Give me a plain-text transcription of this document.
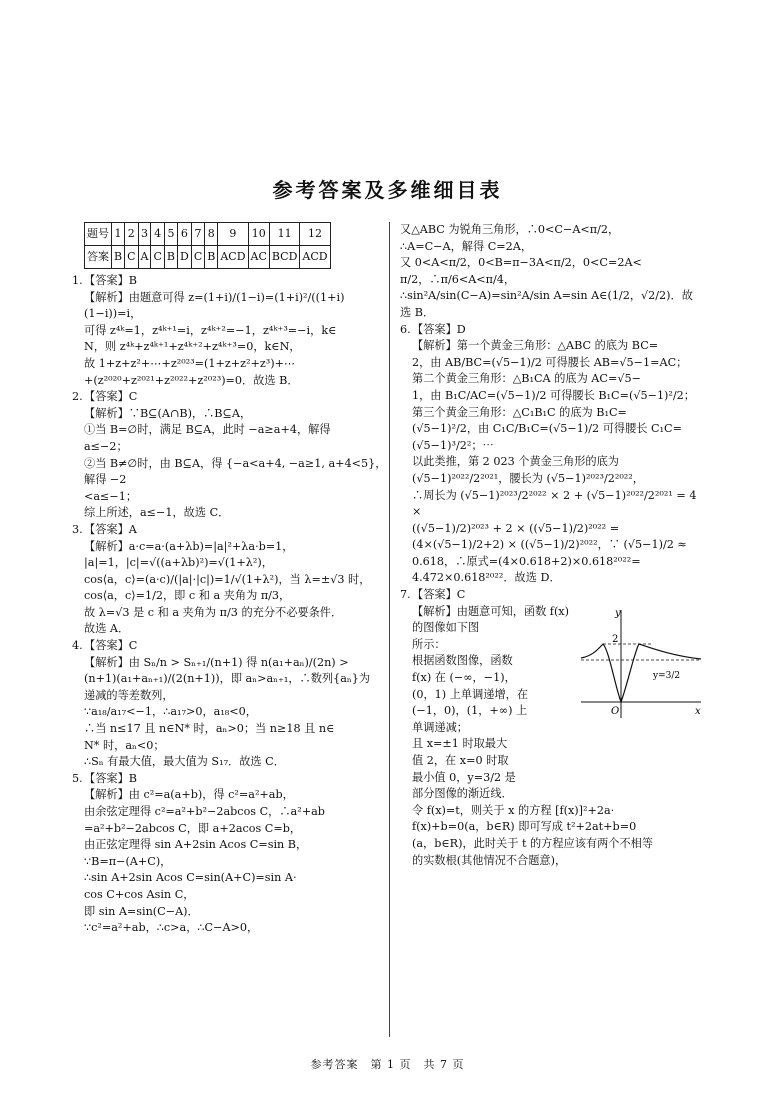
参考答案及多维细目表
题号	1	2	3	4	5	6	7	8	9	10	11	12
答案	B	C	A	C	B	D	C	B	ACD	AC	BCD	ACD
1.【答案】B

【解析】由题意可得 z=(1+i)/(1−i)=(1+i)²/((1+i)(1−i))=i，

可得 z⁴ᵏ=1，z⁴ᵏ⁺¹=i，z⁴ᵏ⁺²=−1，z⁴ᵏ⁺³=−i，k∈

N，则 z⁴ᵏ+z⁴ᵏ⁺¹+z⁴ᵏ⁺²+z⁴ᵏ⁺³=0，k∈N，

故 1+z+z²+⋯+z²⁰²³=(1+z+z²+z³)+⋯

+(z²⁰²⁰+z²⁰²¹+z²⁰²²+z²⁰²³)=0．故选 B．

2.【答案】C

【解析】∵B⊆(A∩B)，∴B⊆A，

①当 B=∅时，满足 B⊆A，此时 −a≥a+4，解得

a≤−2；

②当 B≠∅时，由 B⊆A，得 {−a<a+4, −a≥1, a+4<5}，解得 −2

<a≤−1；

综上所述，a≤−1，故选 C．

3.【答案】A

【解析】a·c=a·(a+λb)=|a|²+λa·b=1，

|a|=1，|c|=√((a+λb)²)=√(1+λ²)，

cos⟨a，c⟩=(a·c)/(|a|·|c|)=1/√(1+λ²)，当 λ=±√3 时，

cos⟨a，c⟩=1/2，即 c 和 a 夹角为 π/3，

故 λ=√3 是 c 和 a 夹角为 π/3 的充分不必要条件．

故选 A．

4.【答案】C

【解析】由 Sₙ/n > Sₙ₊₁/(n+1) 得 n(a₁+aₙ)/(2n) >

(n+1)(a₁+aₙ₊₁)/(2(n+1))，即 aₙ>aₙ₊₁，∴数列{aₙ}为

递减的等差数列，

∵a₁₈/a₁₇<−1，∴a₁₇>0，a₁₈<0，

∴当 n≤17 且 n∈N* 时，aₙ>0；当 n≥18 且 n∈

N* 时，aₙ<0；

∴Sₙ 有最大值，最大值为 S₁₇．故选 C．

5.【答案】B

【解析】由 c²=a(a+b)，得 c²=a²+ab，

由余弦定理得 c²=a²+b²−2abcos C，∴a²+ab

=a²+b²−2abcos C，即 a+2acos C=b，

由正弦定理得 sin A+2sin Acos C=sin B，

∵B=π−(A+C)，

∴sin A+2sin Acos C=sin(A+C)=sin A·

cos C+cos Asin C，

即 sin A=sin(C−A)．

∵c²=a²+ab，∴c>a，∴C−A>0，

又△ABC 为锐角三角形，∴0<C−A<π/2，

∴A=C−A，解得 C=2A，

又 0<A<π/2，0<B=π−3A<π/2，0<C=2A<

π/2，∴π/6<A<π/4，

∴sin²A/sin(C−A)=sin²A/sin A=sin A∈(1/2，√2/2)．故

选 B．

6.【答案】D

【解析】第一个黄金三角形：△ABC 的底为 BC=

2，由 AB/BC=(√5−1)/2 可得腰长 AB=√5−1=AC；

第二个黄金三角形：△B₁CA 的底为 AC=√5−

1，由 B₁C/AC=(√5−1)/2 可得腰长 B₁C=(√5−1)²/2；

第三个黄金三角形：△C₁B₁C 的底为 B₁C=

(√5−1)²/2，由 C₁C/B₁C=(√5−1)/2 可得腰长 C₁C=

(√5−1)³/2²；⋯

以此类推，第 2 023 个黄金三角形的底为

(√5−1)²⁰²²/2²⁰²¹，腰长为 (√5−1)²⁰²³/2²⁰²²，

∴周长为 (√5−1)²⁰²³/2²⁰²² × 2 + (√5−1)²⁰²²/2²⁰²¹ = 4 ×

((√5−1)/2)²⁰²³ + 2 × ((√5−1)/2)²⁰²² =

(4×(√5−1)/2+2) × ((√5−1)/2)²⁰²²，∵ (√5−1)/2 ≈

0.618，∴原式=(4×0.618+2)×0.618²⁰²²=

4.472×0.618²⁰²²．故选 D．

7.【答案】C
y
x
O
2
y=3/2

【解析】由题意可知，函数 f(x) 的图像如下图

所示：

根据函数图像，函数

f(x) 在 (−∞，−1)，

(0，1) 上单调递增，在

(−1，0)，(1，+∞) 上

单调递减；

且 x=±1 时取最大

值 2，在 x=0 时取

最小值 0，y=3/2 是

部分图像的渐近线．

令 f(x)=t，则关于 x 的方程 [f(x)]²+2a·

f(x)+b=0(a，b∈R) 即可写成 t²+2at+b=0

(a，b∈R)，此时关于 t 的方程应该有两个不相等

的实数根(其他情况不合题意)，

参考答案　第 1 页　共 7 页
